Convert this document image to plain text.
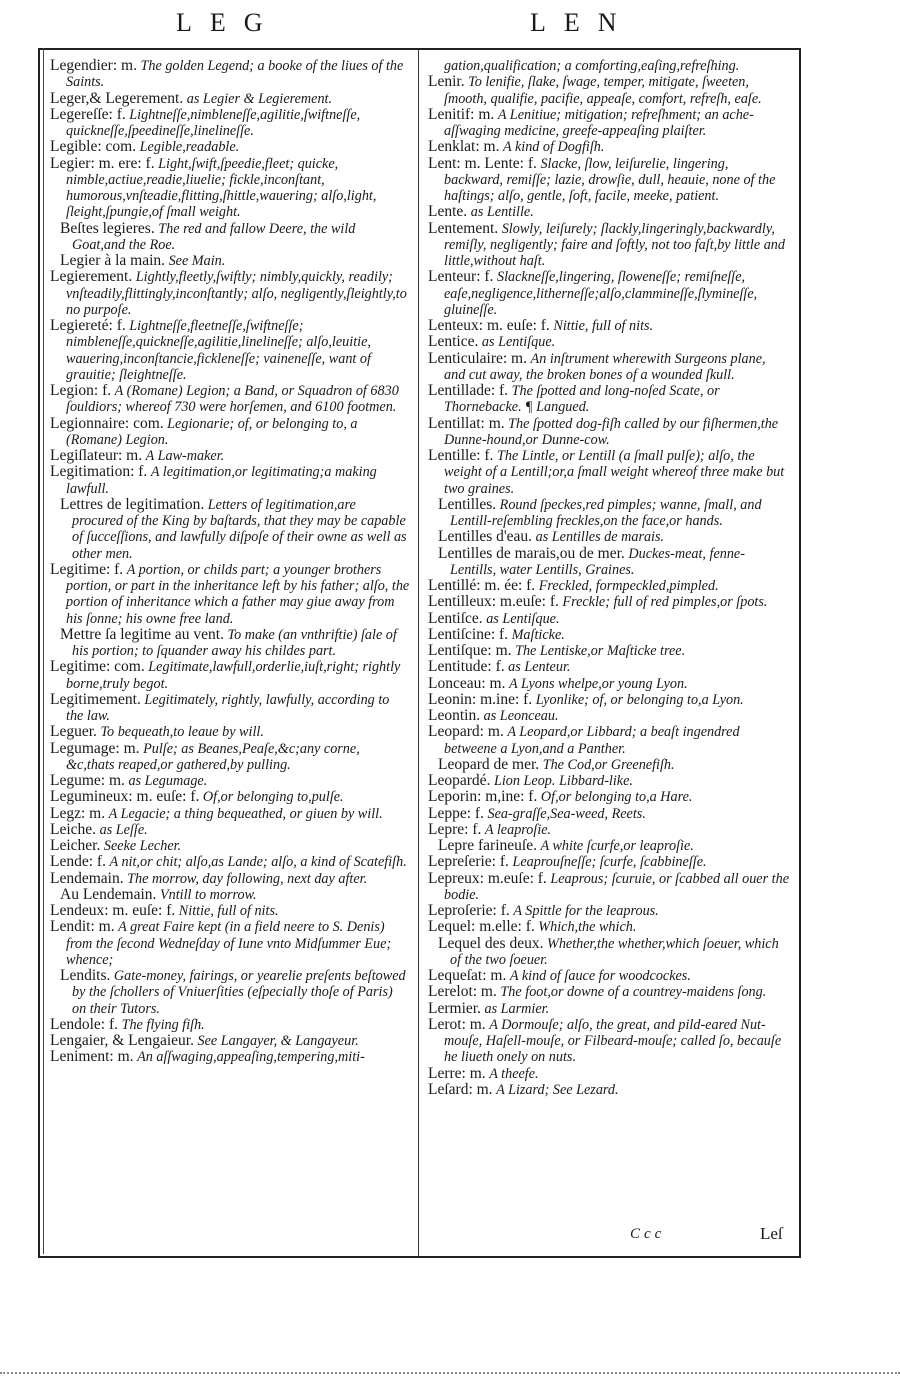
LEG	LEN

Legendier: m. The golden Legend; a booke of the liues of the Saints.

Leger,& Legerement. as Legier & Legierement.

Legereſſe: f. Lightneſſe,nimbleneſſe,agilitie,ſwiftneſſe, quickneſſe,ſpeedineſſe,linelineſſe.

Legible: com. Legible,readable.

Legier: m. ere: f. Light,ſwift,ſpeedie,fleet; quicke, nimble,actiue,readie,liuelie; fickle,inconſtant, humorous,vnſteadie,flitting,ſhittle,wauering; alſo,light, ſleight,ſpungie,of ſmall weight.

Beſtes legieres. The red and fallow Deere, the wild Goat,and the Roe.

Legier à la main. See Main.

Legierement. Lightly,fleetly,ſwiftly; nimbly,quickly, readily; vnſteadily,flittingly,inconſtantly; alſo, negligently,ſleightly,to no purpoſe.

Legiereté: f. Lightneſſe,fleetneſſe,ſwiftneſſe; nimbleneſſe,quickneſſe,agilitie,linelineſſe; alſo,leuitie, wauering,inconſtancie,fickleneſſe; vaineneſſe, want of grauitie; ſleightneſſe.

Legion: f. A (Romane) Legion; a Band, or Squadron of 6830 ſouldiors; whereof 730 were horſemen, and 6100 footmen.

Legionnaire: com. Legionarie; of, or belonging to, a (Romane) Legion.

Legiſlateur: m. A Law-maker.

Legitimation: f. A legitimation,or legitimating;a making lawfull.

Lettres de legitimation. Letters of legitimation,are procured of the King by baſtards, that they may be capable of ſucceſſions, and lawfully diſpoſe of their owne as well as other men.

Legitime: f. A portion, or childs part; a younger brothers portion, or part in the inheritance left by his father; alſo, the portion of inheritance which a father may giue away from his ſonne; his owne free land.

Mettre ſa legitime au vent. To make (an vnthriftie) ſale of his portion; to ſquander away his childes part.

Legitime: com. Legitimate,lawfull,orderlie,iuſt,right; rightly borne,truly begot.

Legitimement. Legitimately, rightly, lawfully, according to the law.

Leguer. To bequeath,to leaue by will.

Legumage: m. Pulſe; as Beanes,Peaſe,&c;any corne, &c,thats reaped,or gathered,by pulling.

Legume: m. as Legumage.

Legumineux: m. euſe: f. Of,or belonging to,pulſe.

Legz: m. A Legacie; a thing bequeathed, or giuen by will.

Leiche. as Leſſe.

Leicher. Seeke Lecher.

Lende: f. A nit,or chit; alſo,as Lande; alſo, a kind of Scatefiſh.

Lendemain. The morrow, day following, next day after.

Au Lendemain. Vntill to morrow.

Lendeux: m. euſe: f. Nittie, full of nits.

Lendit: m. A great Faire kept (in a field neere to S. Denis) from the ſecond Wedneſday of Iune vnto Midſummer Eue; whence;

Lendits. Gate-money, fairings, or yearelie preſents beſtowed by the ſchollers of Vniuerſities (eſpecially thoſe of Paris) on their Tutors.

Lendole: f. The flying fiſh.

Lengaier, & Lengaieur. See Langayer, & Langayeur.

Leniment: m. An aſſwaging,appeaſing,tempering,miti-

gation,qualification; a comforting,eaſing,refreſhing.

Lenir. To lenifie, ſlake, ſwage, temper, mitigate, ſweeten, ſmooth, qualifie, pacifie, appeaſe, comfort, refreſh, eaſe.

Lenitif: m. A Lenitiue; mitigation; refreſhment; an ache-aſſwaging medicine, greefe-appeaſing plaiſter.

Lenklat: m. A kind of Dogfiſh.

Lent: m. Lente: f. Slacke, ſlow, leiſurelie, lingering, backward, remiſſe; lazie, drowſie, dull, heauie, none of the haſtings; alſo, gentle, ſoft, facile, meeke, patient.

Lente. as Lentille.

Lentement. Slowly, leiſurely; ſlackly,lingeringly,backwardly, remiſly, negligently; faire and ſoftly, not too faſt,by little and little,without haſt.

Lenteur: f. Slackneſſe,lingering, ſloweneſſe; remiſneſſe, eaſe,negligence,litherneſſe;alſo,clammineſſe,ſlymineſſe, gluineſſe.

Lenteux: m. euſe: f. Nittie, full of nits.

Lentice. as Lentiſque.

Lenticulaire: m. An inſtrument wherewith Surgeons plane, and cut away, the broken bones of a wounded ſkull.

Lentillade: f. The ſpotted and long-noſed Scate, or Thornebacke. ¶ Langued.

Lentillat: m. The ſpotted dog-fiſh called by our fiſhermen,the Dunne-hound,or Dunne-cow.

Lentille: f. The Lintle, or Lentill (a ſmall pulſe); alſo, the weight of a Lentill;or,a ſmall weight whereof three make but two graines.

Lentilles. Round ſpeckes,red pimples; wanne, ſmall, and Lentill-reſembling freckles,on the face,or hands.

Lentilles d'eau. as Lentilles de marais.

Lentilles de marais,ou de mer. Duckes-meat, fenne-Lentills, water Lentills, Graines.

Lentillé: m. ée: f. Freckled, formpeckled,pimpled.

Lentilleux: m.euſe: f. Freckle; full of red pimples,or ſpots.

Lentiſce. as Lentiſque.

Lentiſcine: f. Maſticke.

Lentiſque: m. The Lentiske,or Maſticke tree.

Lentitude: f. as Lenteur.

Lonceau: m. A Lyons whelpe,or young Lyon.

Leonin: m.ine: f. Lyonlike; of, or belonging to,a Lyon.

Leontin. as Leonceau.

Leopard: m. A Leopard,or Libbard; a beaſt ingendred betweene a Lyon,and a Panther.

Leopard de mer. The Cod,or Greenefiſh.

Leopardé. Lion Leop. Libbard-like.

Leporin: m,ine: f. Of,or belonging to,a Hare.

Leppe: f. Sea-graſſe,Sea-weed, Reets.

Lepre: f. A leaproſie.

Lepre farineuſe. A white ſcurfe,or leaproſie.

Lepreſerie: f. Leaprouſneſſe; ſcurfe, ſcabbineſſe.

Lepreux: m.euſe: f. Leaprous; ſcuruie, or ſcabbed all ouer the bodie.

Leproſerie: f. A Spittle for the leaprous.

Lequel: m.elle: f. Which,the which.

Lequel des deux. Whether,the whether,which ſoeuer, which of the two ſoeuer.

Lequeſat: m. A kind of ſauce for woodcockes.

Lerelot: m. The foot,or downe of a countrey-maidens ſong.

Lermier. as Larmier.

Lerot: m. A Dormouſe; alſo, the great, and pild-eared Nut-mouſe, Haſell-mouſe, or Filbeard-mouſe; called ſo, becauſe he liueth onely on nuts.

Lerre: m. A theefe.

Leſard: m. A Lizard; See Lezard.

Ccc	Leſ
